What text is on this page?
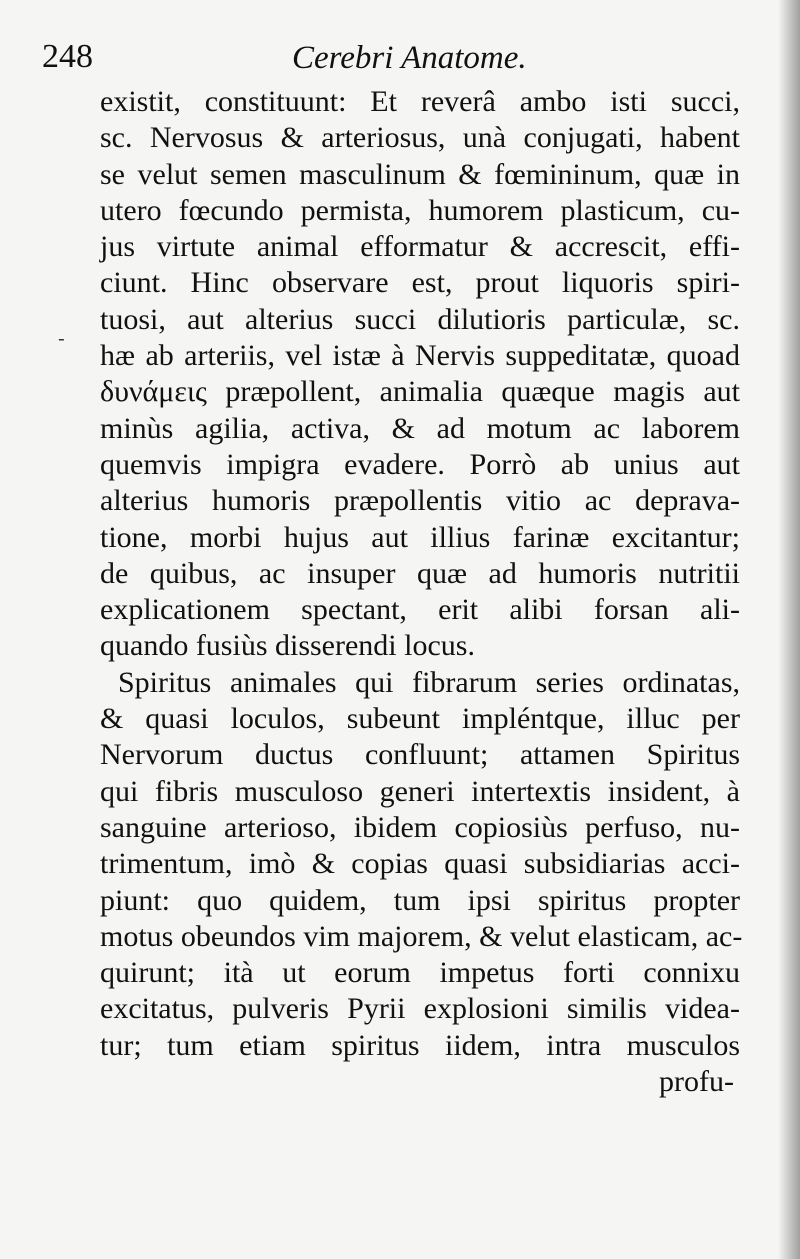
248	Cerebri Anatome.
-
existit, constituunt: Et reverâ ambo isti succi,
sc. Nervosus & arteriosus, unà conjugati, habent
se velut semen masculinum & fœmininum, quæ in
utero fœcundo permista, humorem plasticum, cu-
jus virtute animal efformatur & accrescit, effi-
ciunt. Hinc observare est, prout liquoris spiri-
tuosi, aut alterius succi dilutioris particulæ, sc.
hæ ab arteriis, vel istæ à Nervis suppeditatæ, quoad
δυνάμεις præpollent, animalia quæque magis aut
minùs agilia, activa, & ad motum ac laborem
quemvis impigra evadere. Porrò ab unius aut
alterius humoris præpollentis vitio ac deprava-
tione, morbi hujus aut illius farinæ excitantur;
de quibus, ac insuper quæ ad humoris nutritii
explicationem spectant, erit alibi forsan ali-
quando fusiùs disserendi locus.
Spiritus animales qui fibrarum series ordinatas,
& quasi loculos, subeunt impléntque, illuc per
Nervorum ductus confluunt; attamen Spiritus
qui fibris musculoso generi intertextis insident, à
sanguine arterioso, ibidem copiosiùs perfuso, nu-
trimentum, imò & copias quasi subsidiarias acci-
piunt: quo quidem, tum ipsi spiritus propter
motus obeundos vim majorem, & velut elasticam, ac-
quirunt; ità ut eorum impetus forti connixu
excitatus, pulveris Pyrii explosioni similis videa-
tur; tum etiam spiritus iidem, intra musculos
profu-
